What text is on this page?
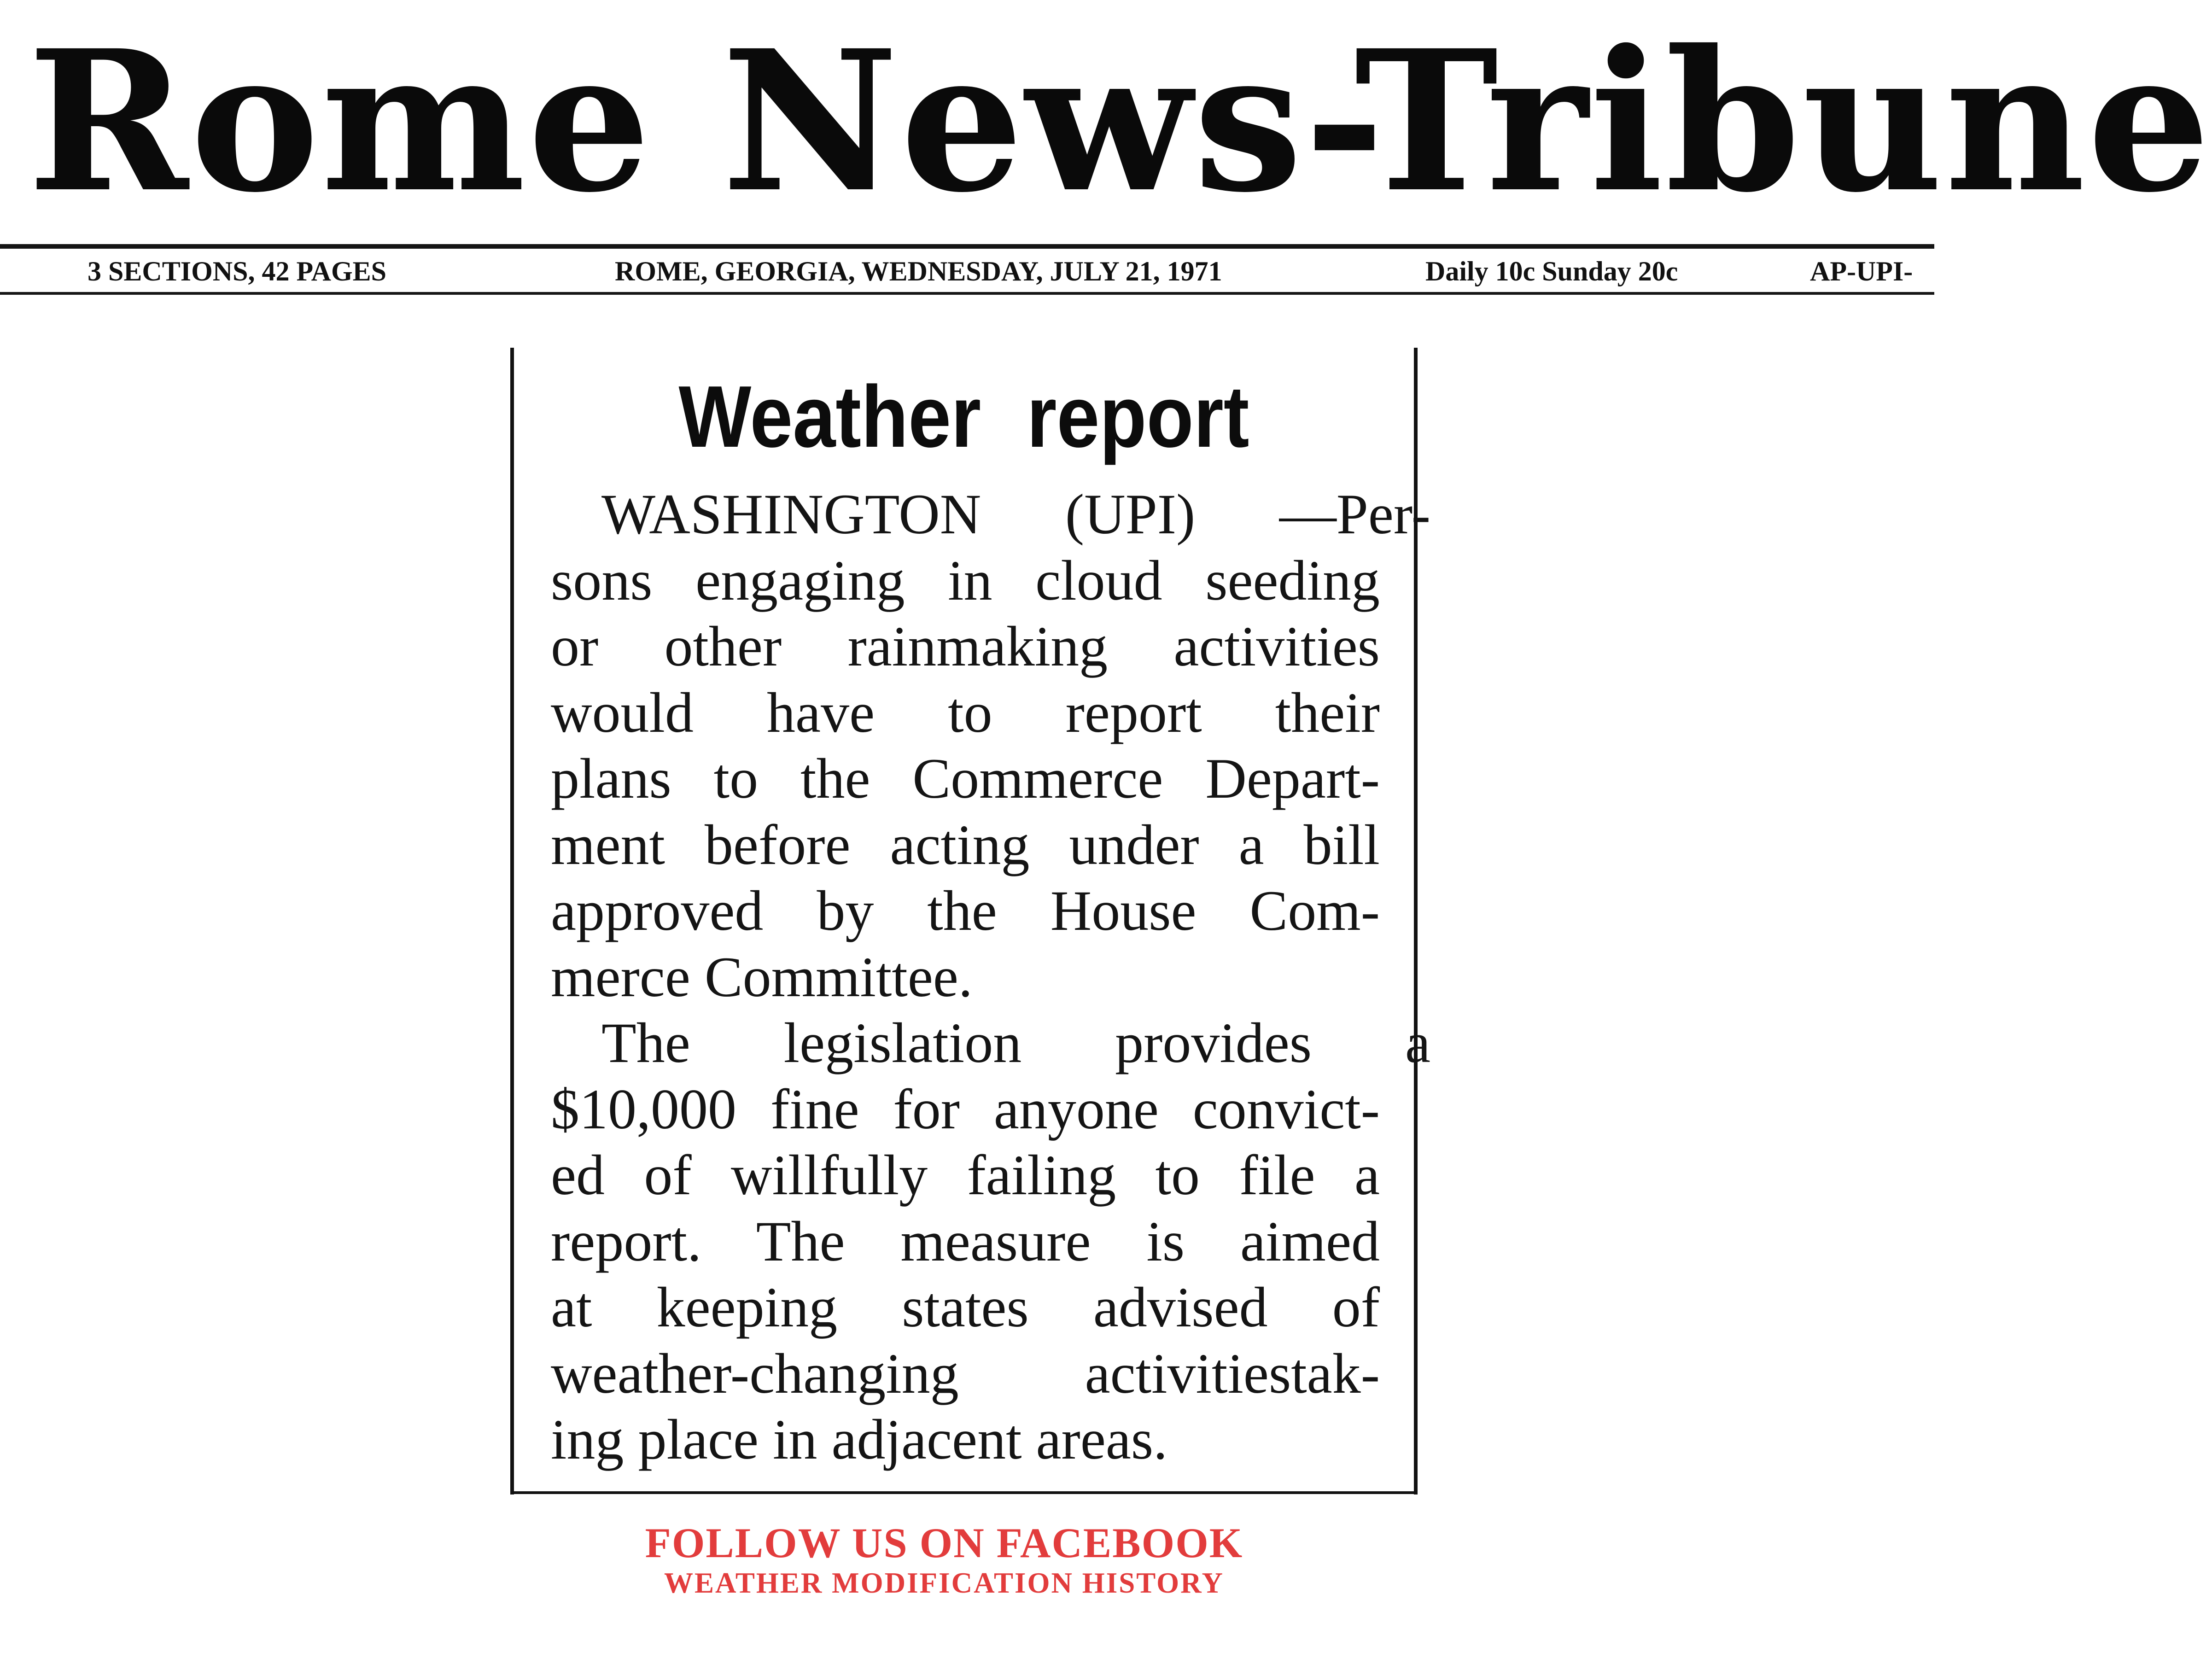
Rome News-Tribune
3 SECTIONS, 42 PAGES	ROME, GEORGIA, WEDNESDAY, JULY 21, 1971	Daily 10c Sunday 20c	AP-UPI-
Weather report
WASHINGTON (UPI) —Per-
sons engaging in cloud seeding
or other rainmaking activities
would have to report their
plans to the Commerce Depart-
ment before acting under a bill
approved by the House Com-
merce Committee.
The legislation provides a
$10,000 fine for anyone convict-
ed of willfully failing to file a
report. The measure is aimed
at keeping states advised of
weather-changing activitiestak-
ing place in adjacent areas.
FOLLOW US ON FACEBOOK
WEATHER MODIFICATION HISTORY
